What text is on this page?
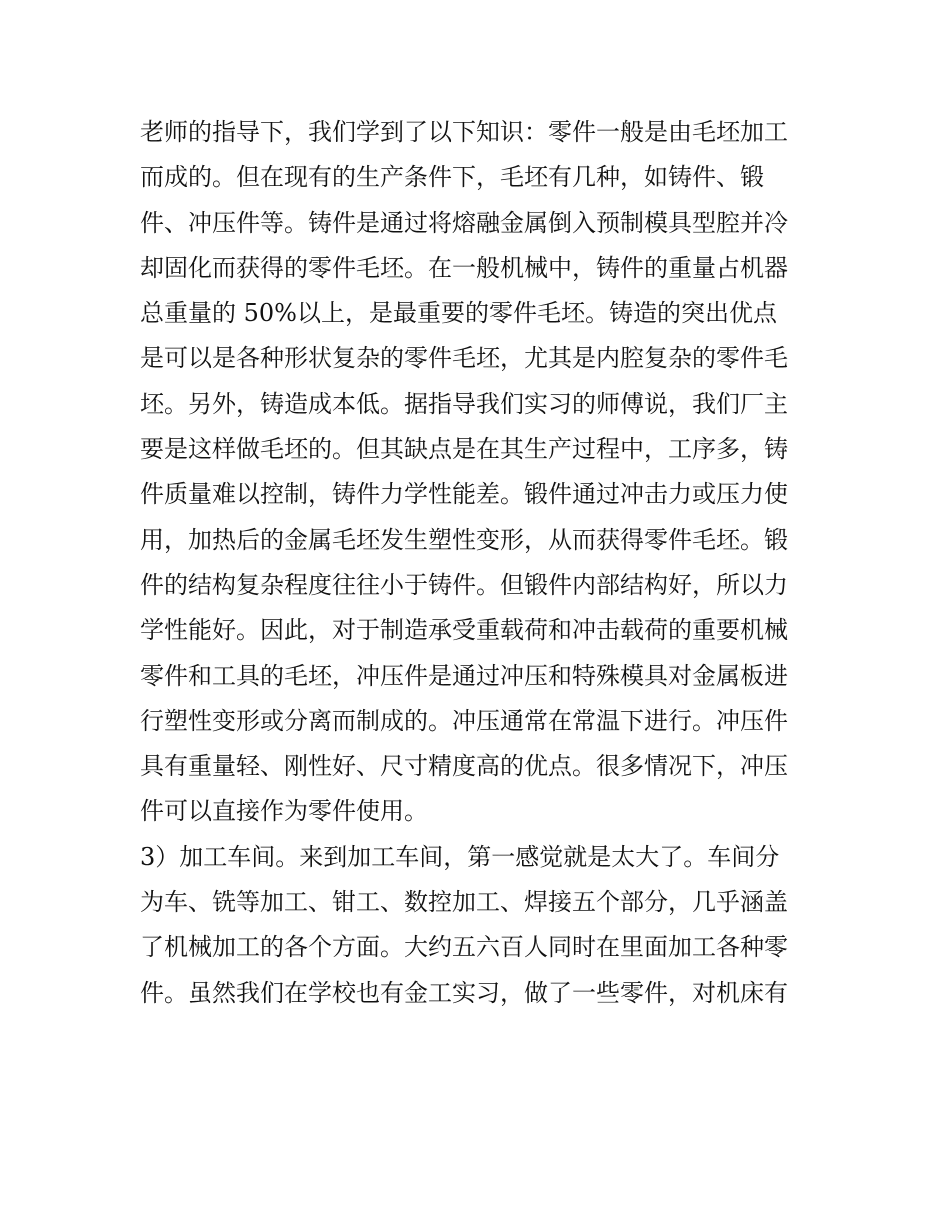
老师的指导下，我们学到了以下知识：零件一般是由毛坯加工
而成的。但在现有的生产条件下，毛坯有几种，如铸件、锻
件、冲压件等。铸件是通过将熔融金属倒入预制模具型腔并冷
却固化而获得的零件毛坯。在一般机械中，铸件的重量占机器
总重量的 50%以上，是最重要的零件毛坯。铸造的突出优点
是可以是各种形状复杂的零件毛坯，尤其是内腔复杂的零件毛
坯。另外，铸造成本低。据指导我们实习的师傅说，我们厂主
要是这样做毛坯的。但其缺点是在其生产过程中，工序多，铸
件质量难以控制，铸件力学性能差。锻件通过冲击力或压力使
用，加热后的金属毛坯发生塑性变形，从而获得零件毛坯。锻
件的结构复杂程度往往小于铸件。但锻件内部结构好，所以力
学性能好。因此，对于制造承受重载荷和冲击载荷的重要机械
零件和工具的毛坯，冲压件是通过冲压和特殊模具对金属板进
行塑性变形或分离而制成的。冲压通常在常温下进行。冲压件
具有重量轻、刚性好、尺寸精度高的优点。很多情况下，冲压
件可以直接作为零件使用。
3）加工车间。来到加工车间，第一感觉就是太大了。车间分
为车、铣等加工、钳工、数控加工、焊接五个部分，几乎涵盖
了机械加工的各个方面。大约五六百人同时在里面加工各种零
件。虽然我们在学校也有金工实习，做了一些零件，对机床有
